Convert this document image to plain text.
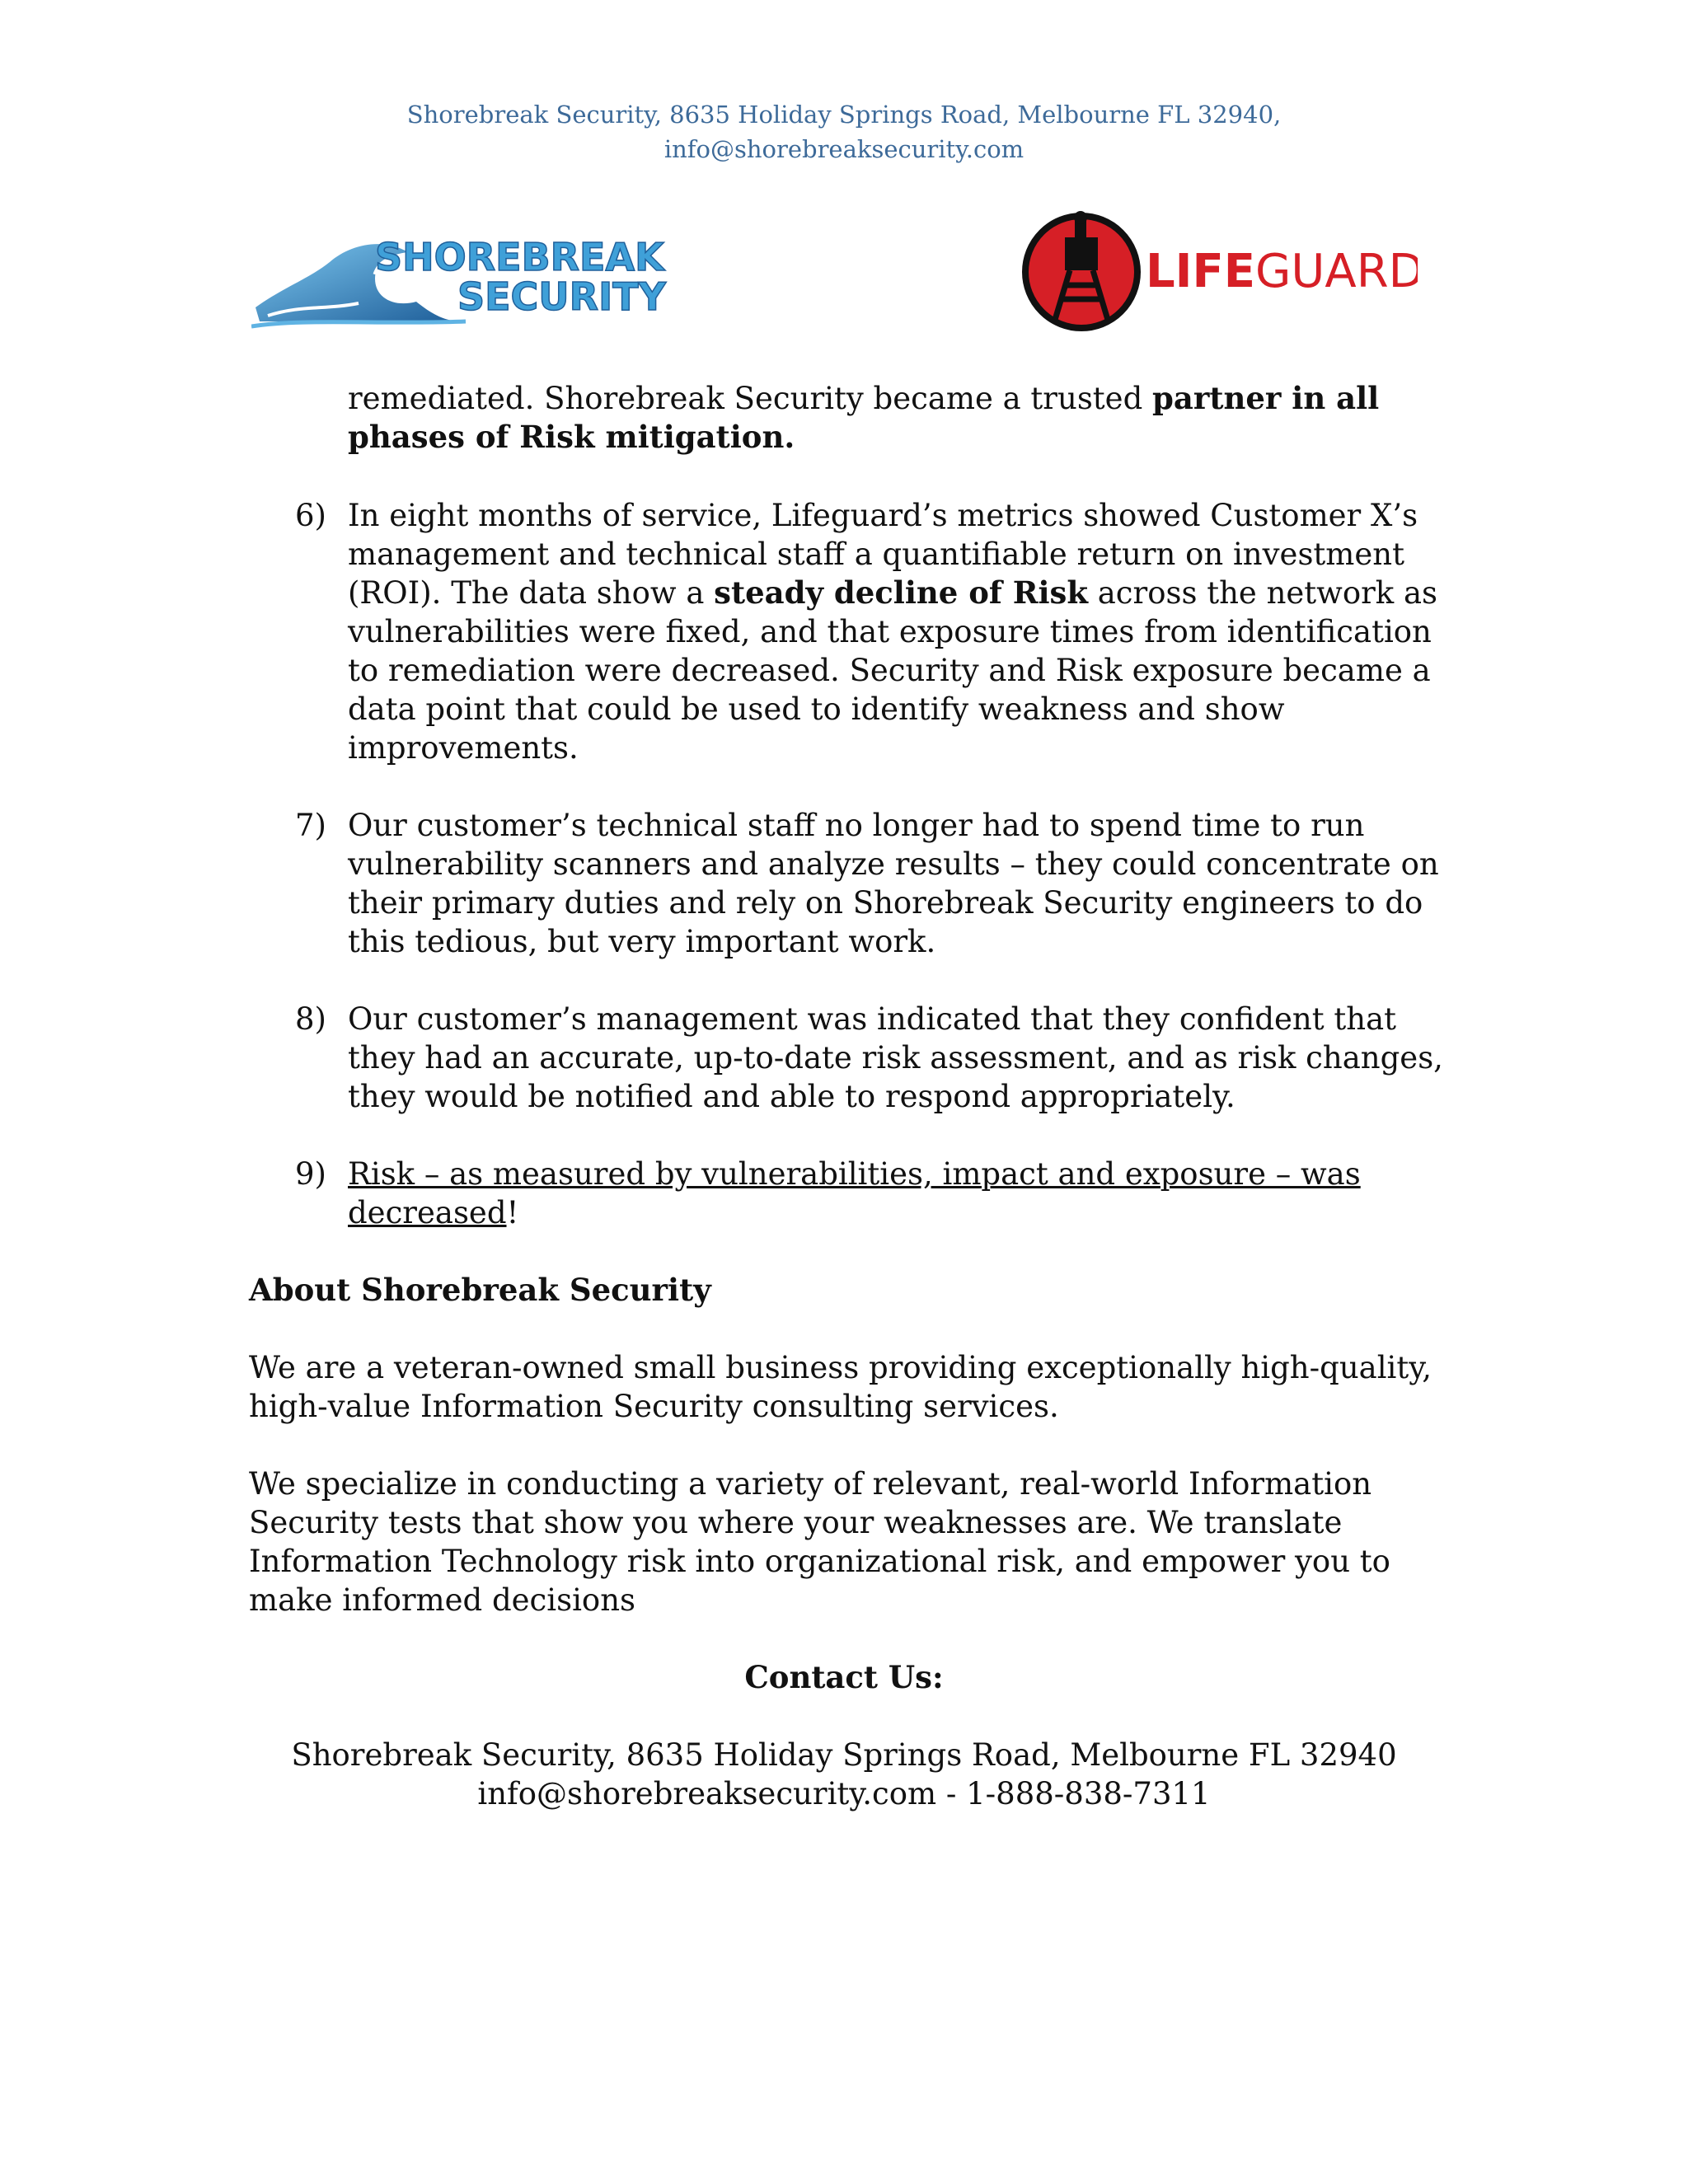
Shorebreak Security, 8635 Holiday Springs Road, Melbourne FL 32940,
info@shorebreaksecurity.com
SHOREBREAK
SECURITY	LIFEGUARD
remediated. Shorebreak Security became a trusted partner in all phases of Risk mitigation.
6) In eight months of service, Lifeguard’s metrics showed Customer X’s management and technical staff a quantifiable return on investment (ROI). The data show a steady decline of Risk across the network as vulnerabilities were fixed, and that exposure times from identification to remediation were decreased. Security and Risk exposure became a data point that could be used to identify weakness and show improvements.
7) Our customer’s technical staff no longer had to spend time to run vulnerability scanners and analyze results – they could concentrate on their primary duties and rely on Shorebreak Security engineers to do this tedious, but very important work.
8) Our customer’s management was indicated that they confident that they had an accurate, up-to-date risk assessment, and as risk changes, they would be notified and able to respond appropriately.
9) Risk – as measured by vulnerabilities, impact and exposure – was decreased!
About Shorebreak Security
We are a veteran-owned small business providing exceptionally high-quality, high-value Information Security consulting services.
We specialize in conducting a variety of relevant, real-world Information Security tests that show you where your weaknesses are. We translate Information Technology risk into organizational risk, and empower you to make informed decisions
Contact Us:
Shorebreak Security, 8635 Holiday Springs Road, Melbourne FL 32940
info@shorebreaksecurity.com - 1-888-838-7311
